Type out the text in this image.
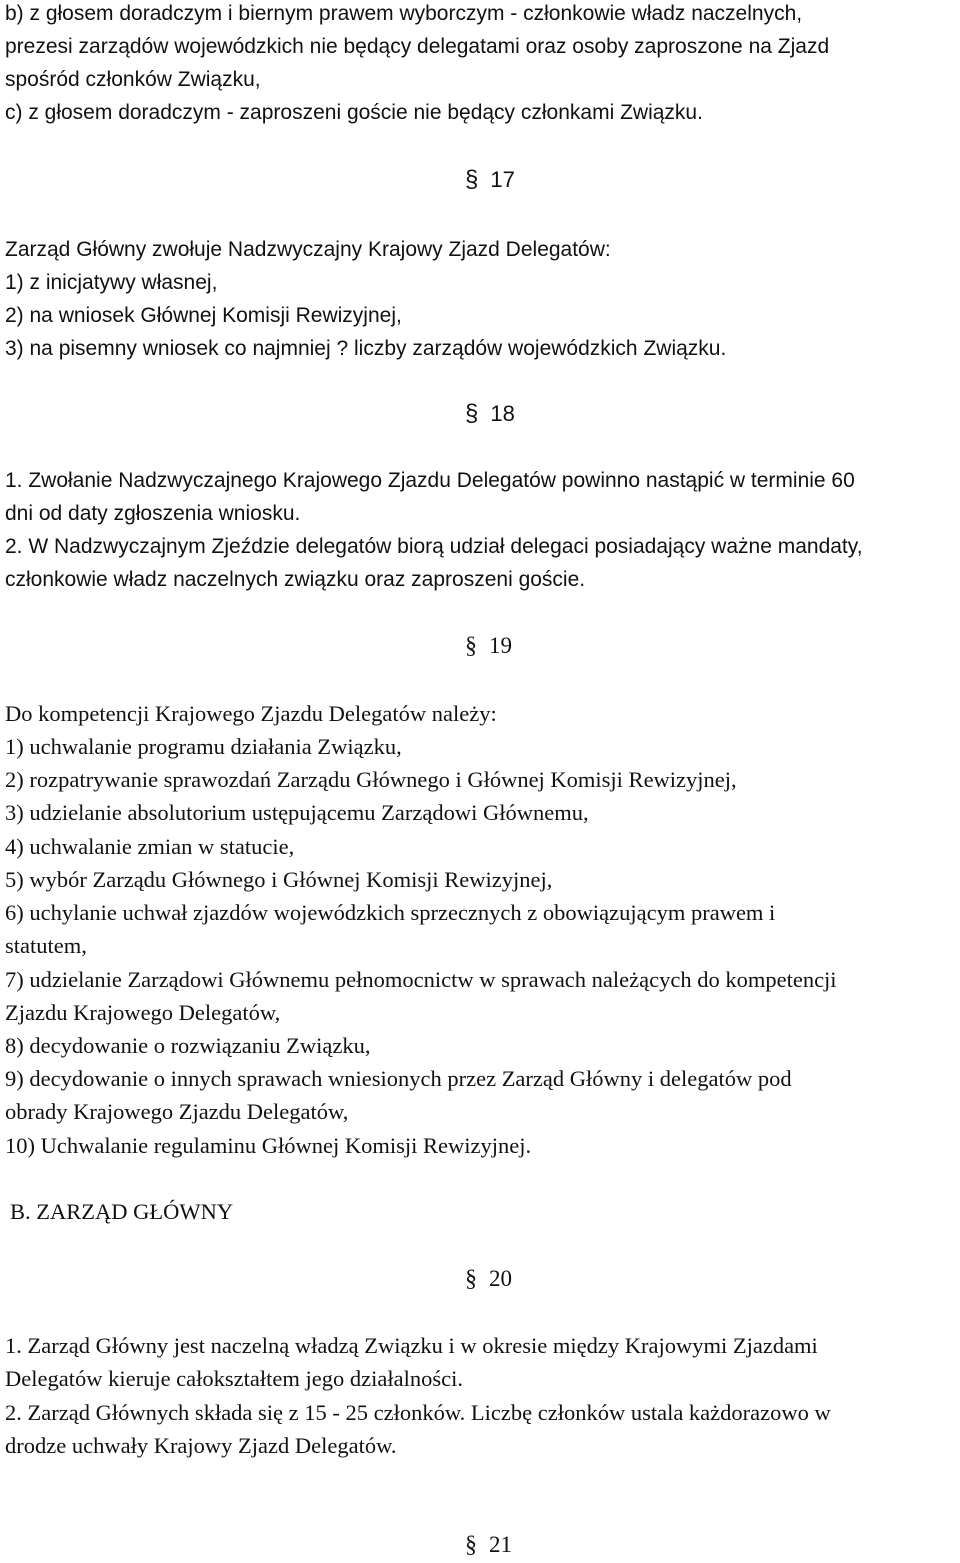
b) z głosem doradczym i biernym prawem wyborczym - członkowie władz naczelnych,
prezesi zarządów wojewódzkich nie będący delegatami oraz osoby zaproszone na Zjazd
spośród członków Związku,
c) z głosem doradczym - zaproszeni goście nie będący członkami Związku.
§ 17
Zarząd Główny zwołuje Nadzwyczajny Krajowy Zjazd Delegatów:
1) z inicjatywy własnej,
2) na wniosek Głównej Komisji Rewizyjnej,
3) na pisemny wniosek co najmniej ? liczby zarządów wojewódzkich Związku.
§ 18
1. Zwołanie Nadzwyczajnego Krajowego Zjazdu Delegatów powinno nastąpić w terminie 60
dni od daty zgłoszenia wniosku.
2. W Nadzwyczajnym Zjeździe delegatów biorą udział delegaci posiadający ważne mandaty,
członkowie władz naczelnych związku oraz zaproszeni goście.
§ 19
Do kompetencji Krajowego Zjazdu Delegatów należy:
1) uchwalanie programu działania Związku,
2) rozpatrywanie sprawozdań Zarządu Głównego i Głównej Komisji Rewizyjnej,
3) udzielanie absolutorium ustępującemu Zarządowi Głównemu,
4) uchwalanie zmian w statucie,
5) wybór Zarządu Głównego i Głównej Komisji Rewizyjnej,
6) uchylanie uchwał zjazdów wojewódzkich sprzecznych z obowiązującym prawem i
statutem,
7) udzielanie Zarządowi Głównemu pełnomocnictw w sprawach należących do kompetencji
Zjazdu Krajowego Delegatów,
8) decydowanie o rozwiązaniu Związku,
9) decydowanie o innych sprawach wniesionych przez Zarząd Główny i delegatów pod
obrady Krajowego Zjazdu Delegatów,
10) Uchwalanie regulaminu Głównej Komisji Rewizyjnej.
B. ZARZĄD GŁÓWNY
§ 20
1. Zarząd Główny jest naczelną władzą Związku i w okresie między Krajowymi Zjazdami
Delegatów kieruje całokształtem jego działalności.
2. Zarząd Głównych składa się z 15 - 25 członków. Liczbę członków ustala każdorazowo w
drodze uchwały Krajowy Zjazd Delegatów.
§ 21
